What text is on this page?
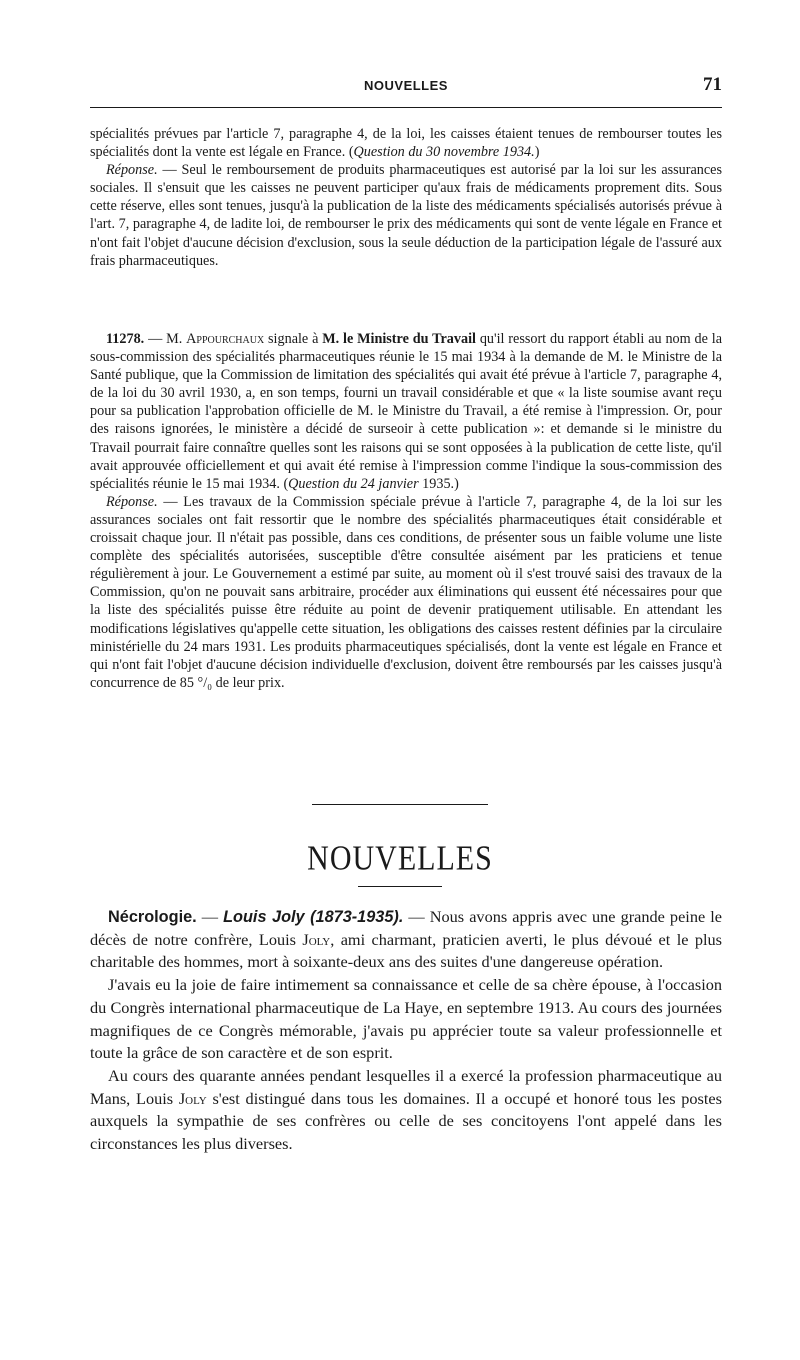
NOUVELLES	71

spécialités prévues par l'article 7, paragraphe 4, de la loi, les caisses étaient tenues de rembourser toutes les spécialités dont la vente est légale en France. (Question du 30 novembre 1934.)

Réponse. — Seul le remboursement de produits pharmaceutiques est autorisé par la loi sur les assurances sociales. Il s'ensuit que les caisses ne peuvent participer qu'aux frais de médicaments proprement dits. Sous cette réserve, elles sont tenues, jusqu'à la publication de la liste des médicaments spécialisés autorisés prévue à l'art. 7, paragraphe 4, de ladite loi, de rembourser le prix des médicaments qui sont de vente légale en France et n'ont fait l'objet d'aucune décision d'exclusion, sous la seule déduction de la participation légale de l'assuré aux frais pharmaceutiques.

11278. — M. Appourchaux signale à M. le Ministre du Travail qu'il ressort du rapport établi au nom de la sous-commission des spécialités pharmaceutiques réunie le 15 mai 1934 à la demande de M. le Ministre de la Santé publique, que la Commission de limitation des spécialités qui avait été prévue à l'article 7, paragraphe 4, de la loi du 30 avril 1930, a, en son temps, fourni un travail considérable et que « la liste soumise avant reçu pour sa publication l'approbation officielle de M. le Ministre du Travail, a été remise à l'impression. Or, pour des raisons ignorées, le ministère a décidé de surseoir à cette publication »: et demande si le ministre du Travail pourrait faire connaître quelles sont les raisons qui se sont opposées à la publication de cette liste, qu'il avait approuvée officiellement et qui avait été remise à l'impression comme l'indique la sous-commission des spécialités réunie le 15 mai 1934. (Question du 24 janvier 1935.)

Réponse. — Les travaux de la Commission spéciale prévue à l'article 7, paragraphe 4, de la loi sur les assurances sociales ont fait ressortir que le nombre des spécialités pharmaceutiques était considérable et croissait chaque jour. Il n'était pas possible, dans ces conditions, de présenter sous un faible volume une liste complète des spécialités autorisées, susceptible d'être consultée aisément par les praticiens et tenue régulièrement à jour. Le Gouvernement a estimé par suite, au moment où il s'est trouvé saisi des travaux de la Commission, qu'on ne pouvait sans arbitraire, procéder aux éliminations qui eussent été nécessaires pour que la liste des spécialités puisse être réduite au point de devenir pratiquement utilisable. En attendant les modifications législatives qu'appelle cette situation, les obligations des caisses restent définies par la circulaire ministérielle du 24 mars 1931. Les produits pharmaceutiques spécialisés, dont la vente est légale en France et qui n'ont fait l'objet d'aucune décision individuelle d'exclusion, doivent être remboursés par les caisses jusqu'à concurrence de 85 °/₀ de leur prix.

NOUVELLES

Nécrologie. — Louis Joly (1873-1935). — Nous avons appris avec une grande peine le décès de notre confrère, Louis Joly, ami charmant, praticien averti, le plus dévoué et le plus charitable des hommes, mort à soixante-deux ans des suites d'une dangereuse opération.

J'avais eu la joie de faire intimement sa connaissance et celle de sa chère épouse, à l'occasion du Congrès international pharmaceutique de La Haye, en septembre 1913. Au cours des journées magnifiques de ce Congrès mémorable, j'avais pu apprécier toute sa valeur professionnelle et toute la grâce de son caractère et de son esprit.

Au cours des quarante années pendant lesquelles il a exercé la profession pharmaceutique au Mans, Louis Joly s'est distingué dans tous les domaines. Il a occupé et honoré tous les postes auxquels la sympathie de ses confrères ou celle de ses concitoyens l'ont appelé dans les circonstances les plus diverses.
